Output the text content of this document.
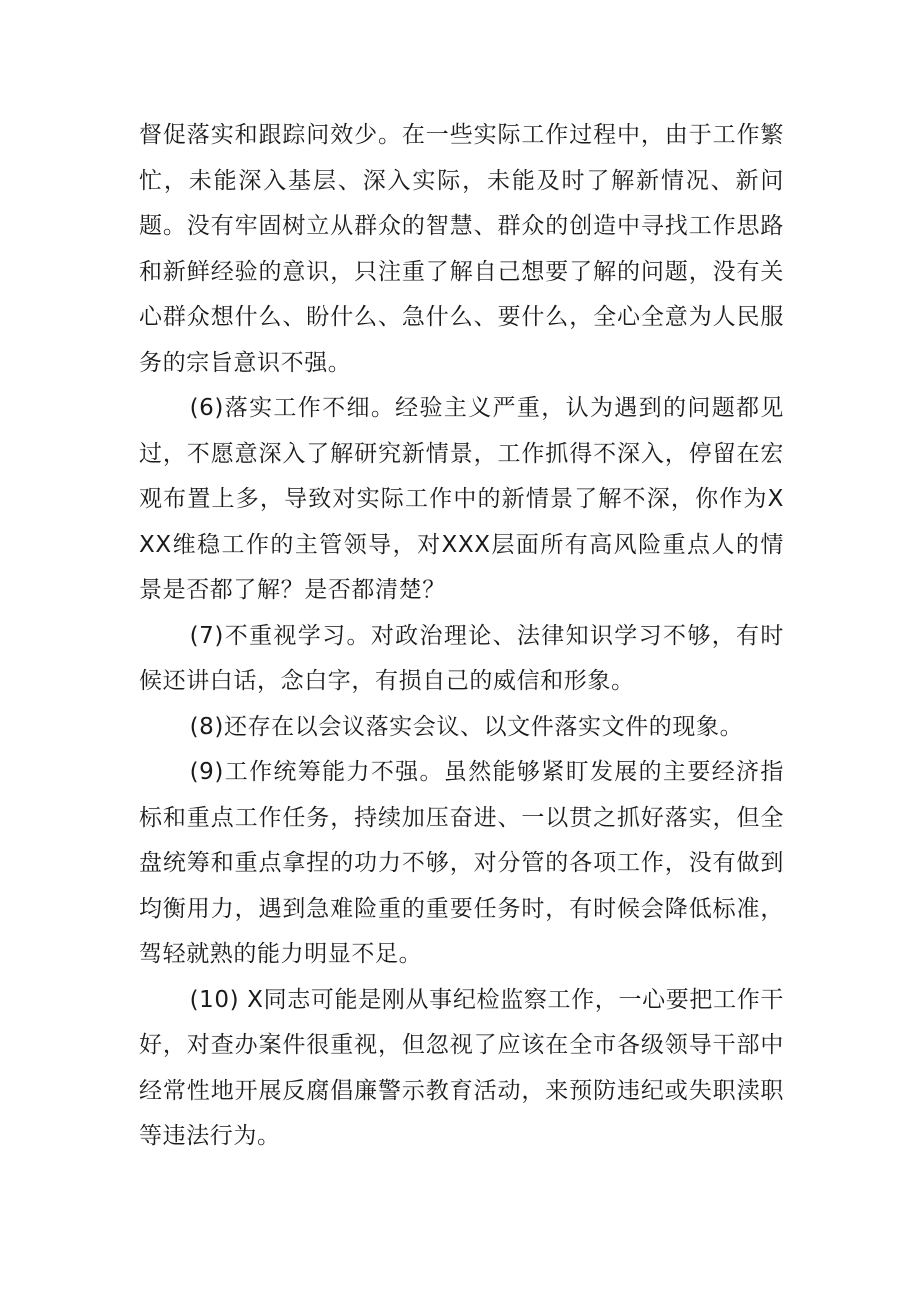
督促落实和跟踪问效少。在一些实际工作过程中，由于工作繁忙，未能深入基层、深入实际，未能及时了解新情况、新问题。没有牢固树立从群众的智慧、群众的创造中寻找工作思路和新鲜经验的意识，只注重了解自己想要了解的问题，没有关心群众想什么、盼什么、急什么、要什么，全心全意为人民服务的宗旨意识不强。

(6)落实工作不细。经验主义严重，认为遇到的问题都见过，不愿意深入了解研究新情景，工作抓得不深入，停留在宏观布置上多，导致对实际工作中的新情景了解不深，你作为XXX维稳工作的主管领导，对XXX层面所有高风险重点人的情景是否都了解？是否都清楚？

(7)不重视学习。对政治理论、法律知识学习不够，有时候还讲白话，念白字，有损自己的威信和形象。

(8)还存在以会议落实会议、以文件落实文件的现象。

(9)工作统筹能力不强。虽然能够紧盯发展的主要经济指标和重点工作任务，持续加压奋进、一以贯之抓好落实，但全盘统筹和重点拿捏的功力不够，对分管的各项工作，没有做到均衡用力，遇到急难险重的重要任务时，有时候会降低标准，驾轻就熟的能力明显不足。

(10) X同志可能是刚从事纪检监察工作，一心要把工作干好，对查办案件很重视，但忽视了应该在全市各级领导干部中经常性地开展反腐倡廉警示教育活动，来预防违纪或失职渎职等违法行为。
